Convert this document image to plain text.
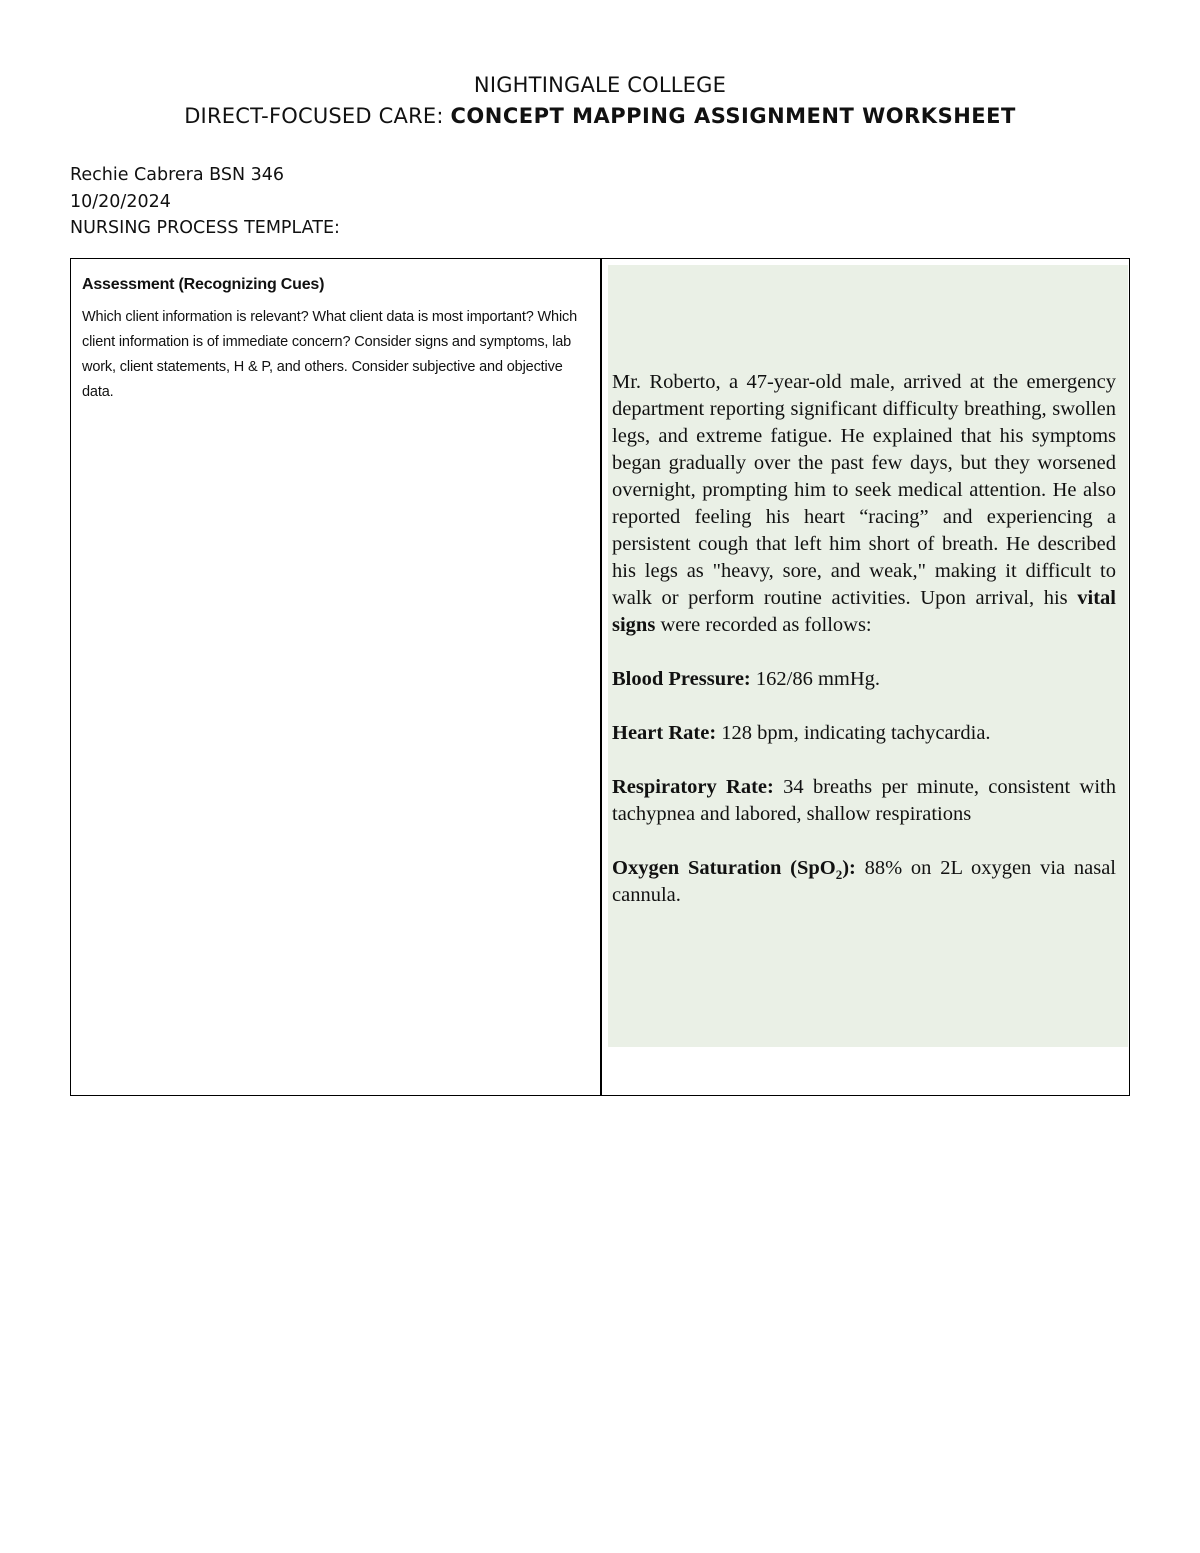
NIGHTINGALE COLLEGE
DIRECT-FOCUSED CARE: CONCEPT MAPPING ASSIGNMENT WORKSHEET
Rechie Cabrera BSN 346
10/20/2024
NURSING PROCESS TEMPLATE:
Assessment (Recognizing Cues)
Which client information is relevant? What client data is most important? Which client information is of immediate concern? Consider signs and symptoms, lab work, client statements, H & P, and others. Consider subjective and objective data.	Mr. Roberto, a 47-year-old male, arrived at the emergency department reporting significant difficulty breathing, swollen legs, and extreme fatigue. He explained that his symptoms began gradually over the past few days, but they worsened overnight, prompting him to seek medical attention. He also reported feeling his heart “racing” and experiencing a persistent cough that left him short of breath. He described his legs as "heavy, sore, and weak," making it difficult to walk or perform routine activities. Upon arrival, his vital signs were recorded as follows:

Blood Pressure: 162/86 mmHg.

Heart Rate: 128 bpm, indicating tachycardia.

Respiratory Rate: 34 breaths per minute, consistent with tachypnea and labored, shallow respirations

Oxygen Saturation (SpO$_2$): 88% on 2L oxygen via nasal cannula.
